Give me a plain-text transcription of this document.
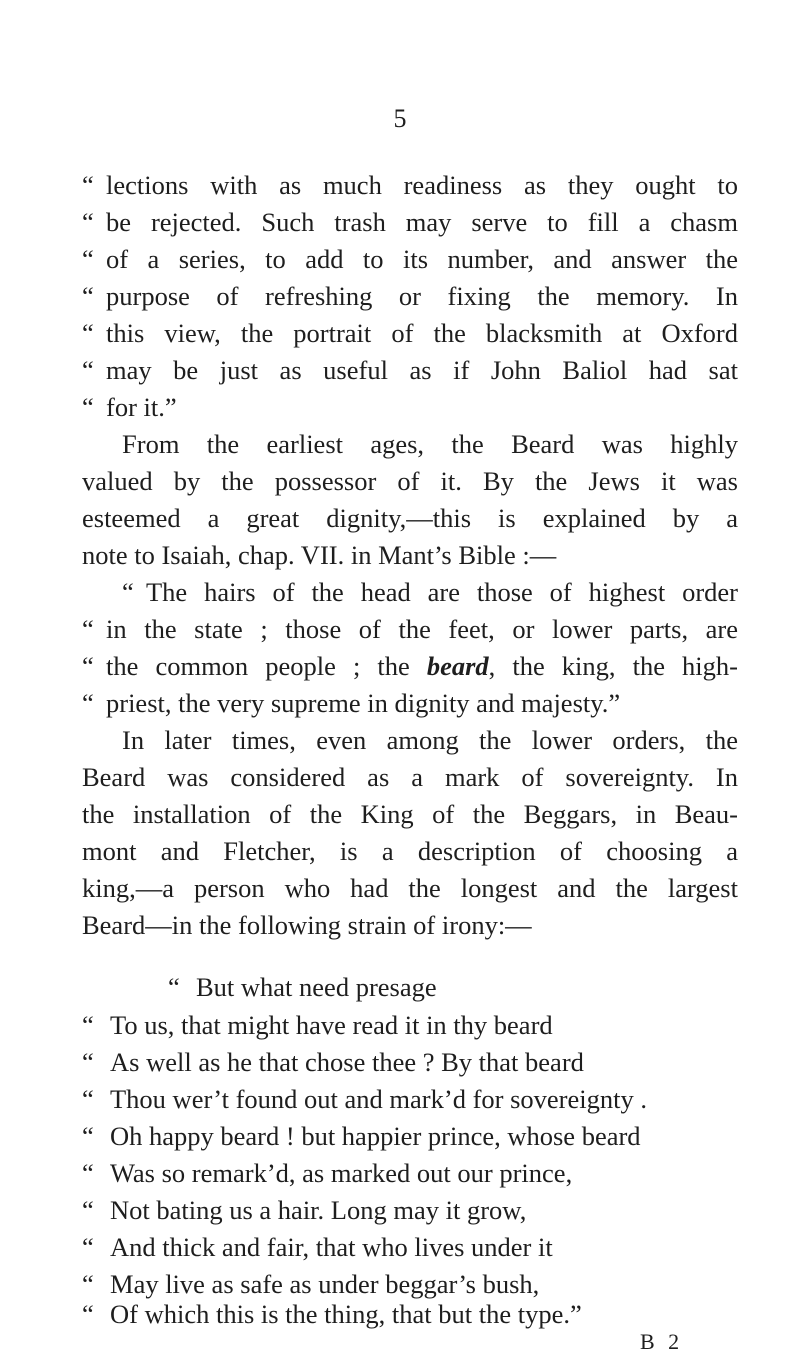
5
“ lections with as much readiness as they ought to
“ be rejected. Such trash may serve to fill a chasm
“ of a series, to add to its number, and answer the
“ purpose of refreshing or fixing the memory. In
“ this view, the portrait of the blacksmith at Oxford
“ may be just as useful as if John Baliol had sat
“ for it.”
From the earliest ages, the Beard was highly
valued by the possessor of it. By the Jews it was
esteemed a great dignity,—this is explained by a
note to Isaiah, chap. VII. in Mant’s Bible :—
“ The hairs of the head are those of highest order
“ in the state ; those of the feet, or lower parts, are
“ the common people ; the beard, the king, the high-
“ priest, the very supreme in dignity and majesty.”
In later times, even among the lower orders, the
Beard was considered as a mark of sovereignty. In
the installation of the King of the Beggars, in Beau-
mont and Fletcher, is a description of choosing a
king,—a person who had the longest and the largest
Beard—in the following strain of irony:—
“ But what need presage
“ To us, that might have read it in thy beard
“ As well as he that chose thee ? By that beard
“ Thou wer’t found out and mark’d for sovereignty .
“ Oh happy beard ! but happier prince, whose beard
“ Was so remark’d, as marked out our prince,
“ Not bating us a hair. Long may it grow,
“ And thick and fair, that who lives under it
“ May live as safe as under beggar’s bush,
“ Of which this is the thing, that but the type.”
B 2
